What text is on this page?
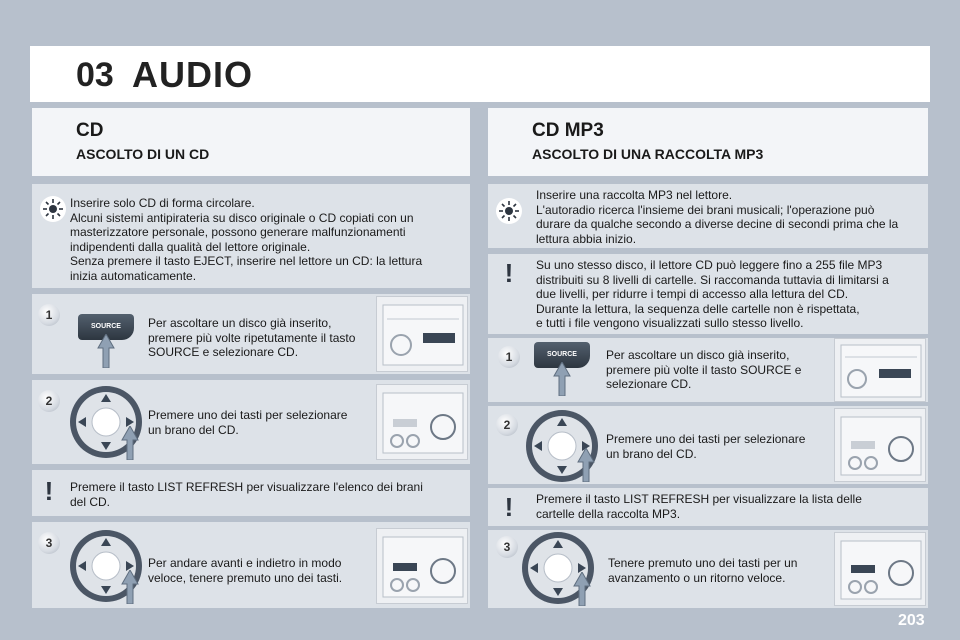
03 AUDIO
CD
ASCOLTO DI UN CD
Inserire solo CD di forma circolare.
Alcuni sistemi antipirateria su disco originale o CD copiati con un
masterizzatore personale, possono generare malfunzionamenti
indipendenti dalla qualità del lettore originale.
Senza premere il tasto EJECT, inserire nel lettore un CD: la lettura
inizia automaticamente.
1
SOURCE	Per ascoltare un disco già inserito,
premere più volte ripetutamente il tasto
SOURCE e selezionare CD.
2
Premere uno dei tasti per selezionare
un brano del CD.
!	Premere il tasto LIST REFRESH per visualizzare l'elenco dei brani
del CD.
3
Per andare avanti e indietro in modo
veloce, tenere premuto uno dei tasti.
CD MP3
ASCOLTO DI UNA RACCOLTA MP3
Inserire una raccolta MP3 nel lettore.
L'autoradio ricerca l'insieme dei brani musicali; l'operazione può
durare da qualche secondo a diverse decine di secondi prima che la
lettura abbia inizio.
!	Su uno stesso disco, il lettore CD può leggere fino a 255 file MP3
distribuiti su 8 livelli di cartelle. Si raccomanda tuttavia di limitarsi a
due livelli, per ridurre i tempi di accesso alla lettura del CD.
Durante la lettura, la sequenza delle cartelle non è rispettata,
e tutti i file vengono visualizzati sullo stesso livello.
1	SOURCE	Per ascoltare un disco già inserito,
premere più volte il tasto SOURCE e
selezionare CD.
2
Premere uno dei tasti per selezionare
un brano del CD.
!	Premere il tasto LIST REFRESH per visualizzare la lista delle
cartelle della raccolta MP3.
3
Tenere premuto uno dei tasti per un
avanzamento o un ritorno veloce.
203
